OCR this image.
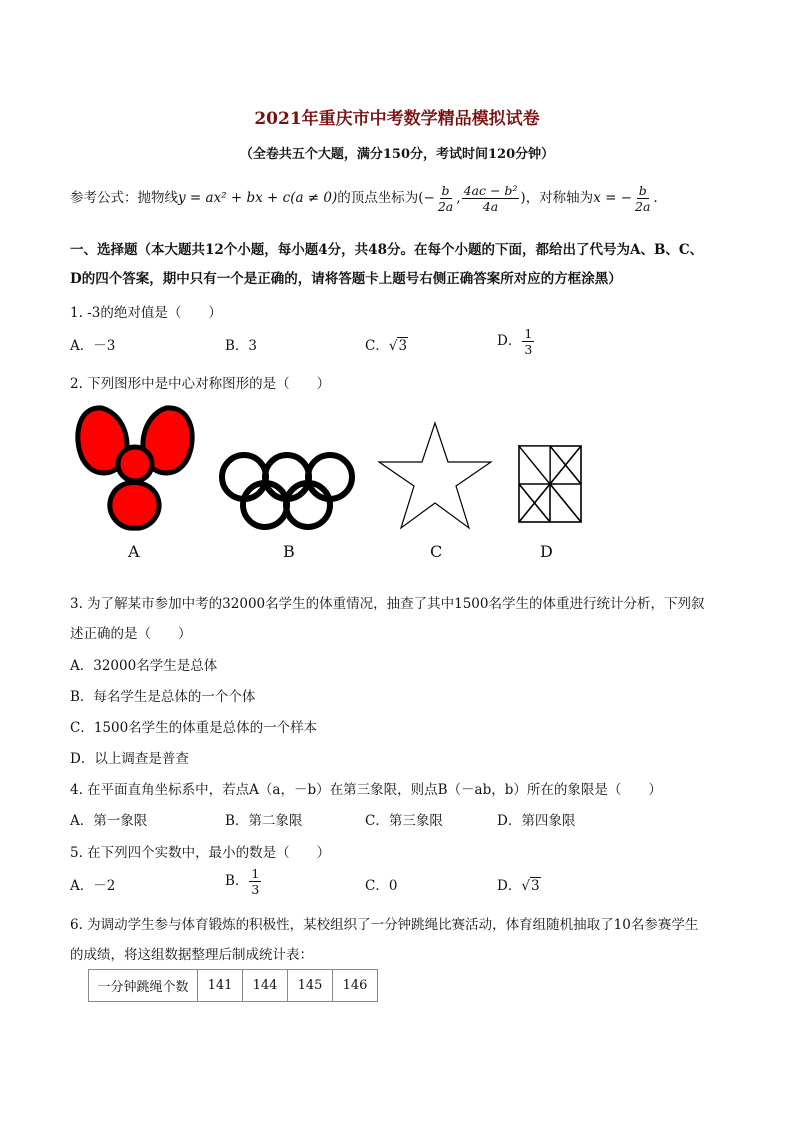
2021年重庆市中考数学精品模拟试卷
（全卷共五个大题，满分150分，考试时间120分钟）
参考公式：抛物线y = ax² + bx + c(a ≠ 0)的顶点坐标为(− $\frac{b}{2a}$ , $\frac{\text{4ac − b²}}{4a}$ )，对称轴为x = − $\frac{b}{2a}$ .
一、选择题（本大题共12个小题，每小题4分，共48分。在每个小题的下面，都给出了代号为A、B、C、
D的四个答案，期中只有一个是正确的，请将答题卡上题号右侧正确答案所对应的方框涂黑）
1. -3的绝对值是（　　）
A．－3	B．3	C．√3	D． $\frac{1}{3}$
2. 下列图形中是中心对称图形的是（　　）
A	B	C	D
3. 为了解某市参加中考的32000名学生的体重情况，抽查了其中1500名学生的体重进行统计分析，下列叙
述正确的是（　　）
A．32000名学生是总体
B．每名学生是总体的一个个体
C．1500名学生的体重是总体的一个样本
D．以上调查是普查
4. 在平面直角坐标系中，若点A（a，－b）在第三象限，则点B（－ab，b）所在的象限是（　　）
A．第一象限	B．第二象限	C．第三象限	D．第四象限
5. 在下列四个实数中，最小的数是（　　）
A．－2	B． $\frac{1}{3}$	C．0	D．√3
6. 为调动学生参与体育锻炼的积极性，某校组织了一分钟跳绳比赛活动，体育组随机抽取了10名参赛学生
的成绩，将这组数据整理后制成统计表：
一分钟跳绳个数	141	144	145	146
